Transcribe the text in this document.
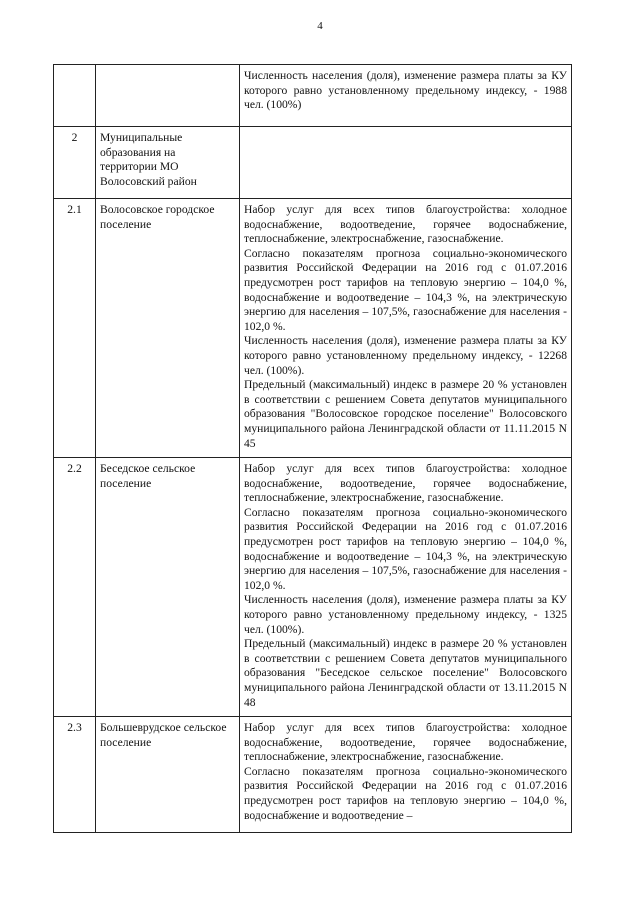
4

		Численность населения (доля), изменение размера платы за КУ которого равно установленному предельному индексу, - 1988 чел. (100%)

2	Муниципальные образования на территории МО Волосовский район	
2.1	Волосовское городское поселение	Набор услуг для всех типов благоустройства: холодное водоснабжение, водоотведение, горячее водоснабжение, теплоснабжение, электроснабжение, газоснабжение.

Согласно показателям прогноза социально-экономического развития Российской Федерации на 2016 год с 01.07.2016 предусмотрен рост тарифов на тепловую энергию – 104,0 %, водоснабжение и водоотведение – 104,3 %, на электрическую энергию для населения – 107,5%, газоснабжение для населения - 102,0 %.

Численность населения (доля), изменение размера платы за КУ которого равно установленному предельному индексу, - 12268 чел. (100%).

Предельный (максимальный) индекс в размере 20 % установлен в соответствии с решением Совета депутатов муниципального образования "Волосовское городское поселение" Волосовского муниципального района Ленинградской области от 11.11.2015 N 45

2.2	Беседское сельское поселение	Набор услуг для всех типов благоустройства: холодное водоснабжение, водоотведение, горячее водоснабжение, теплоснабжение, электроснабжение, газоснабжение.

Согласно показателям прогноза социально-экономического развития Российской Федерации на 2016 год с 01.07.2016 предусмотрен рост тарифов на тепловую энергию – 104,0 %, водоснабжение и водоотведение – 104,3 %, на электрическую энергию для населения – 107,5%, газоснабжение для населения - 102,0 %.

Численность населения (доля), изменение размера платы за КУ которого равно установленному предельному индексу, - 1325 чел. (100%).

Предельный (максимальный) индекс в размере 20 % установлен в соответствии с решением Совета депутатов муниципального образования "Беседское сельское поселение" Волосовского муниципального района Ленинградской области от 13.11.2015 N 48

2.3	Большеврудское сельское поселение	Набор услуг для всех типов благоустройства: холодное водоснабжение, водоотведение, горячее водоснабжение, теплоснабжение, электроснабжение, газоснабжение.

Согласно показателям прогноза социально-экономического развития Российской Федерации на 2016 год с 01.07.2016 предусмотрен рост тарифов на тепловую энергию – 104,0 %, водоснабжение и водоотведение –
